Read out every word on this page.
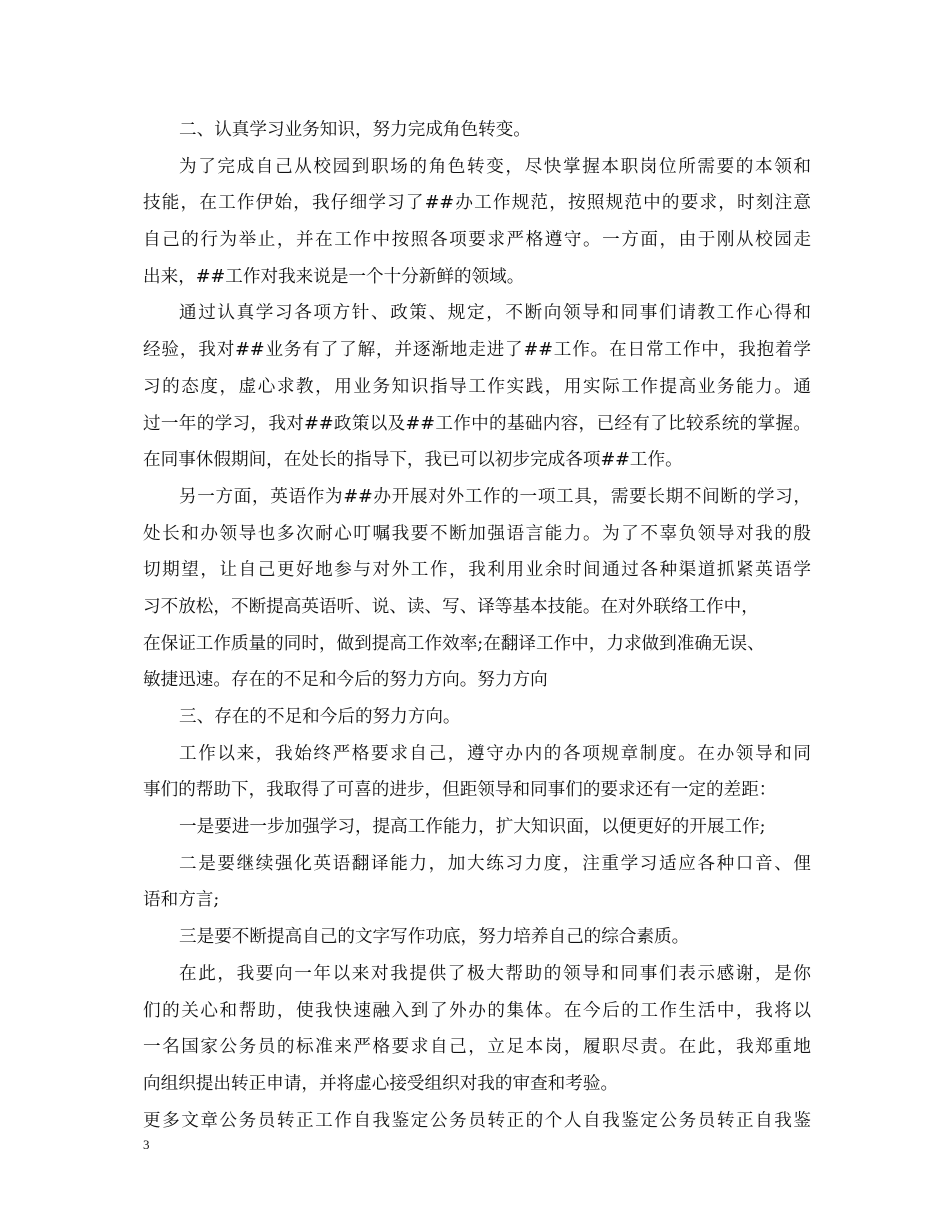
二、认真学习业务知识，努力完成角色转变。
为了完成自己从校园到职场的角色转变，尽快掌握本职岗位所需要的本领和
技能，在工作伊始，我仔细学习了##办工作规范，按照规范中的要求，时刻注意
自己的行为举止，并在工作中按照各项要求严格遵守。一方面，由于刚从校园走
出来，##工作对我来说是一个十分新鲜的领域。
通过认真学习各项方针、政策、规定，不断向领导和同事们请教工作心得和
经验，我对##业务有了了解，并逐渐地走进了##工作。在日常工作中，我抱着学
习的态度，虚心求教，用业务知识指导工作实践，用实际工作提高业务能力。通
过一年的学习，我对##政策以及##工作中的基础内容，已经有了比较系统的掌握。
在同事休假期间，在处长的指导下，我已可以初步完成各项##工作。
另一方面，英语作为##办开展对外工作的一项工具，需要长期不间断的学习，
处长和办领导也多次耐心叮嘱我要不断加强语言能力。为了不辜负领导对我的殷
切期望，让自己更好地参与对外工作，我利用业余时间通过各种渠道抓紧英语学
习不放松，不断提高英语听、说、读、写、译等基本技能。在对外联络工作中，
在保证工作质量的同时，做到提高工作效率;在翻译工作中，力求做到准确无误、
敏捷迅速。存在的不足和今后的努力方向。努力方向
三、存在的不足和今后的努力方向。
工作以来，我始终严格要求自己，遵守办内的各项规章制度。在办领导和同
事们的帮助下，我取得了可喜的进步，但距领导和同事们的要求还有一定的差距：
一是要进一步加强学习，提高工作能力，扩大知识面，以便更好的开展工作;
二是要继续强化英语翻译能力，加大练习力度，注重学习适应各种口音、俚
语和方言;
三是要不断提高自己的文字写作功底，努力培养自己的综合素质。
在此，我要向一年以来对我提供了极大帮助的领导和同事们表示感谢，是你
们的关心和帮助，使我快速融入到了外办的集体。在今后的工作生活中，我将以
一名国家公务员的标准来严格要求自己，立足本岗，履职尽责。在此，我郑重地
向组织提出转正申请，并将虚心接受组织对我的审查和考验。
更多文章公务员转正工作自我鉴定公务员转正的个人自我鉴定公务员转正自我鉴
3
